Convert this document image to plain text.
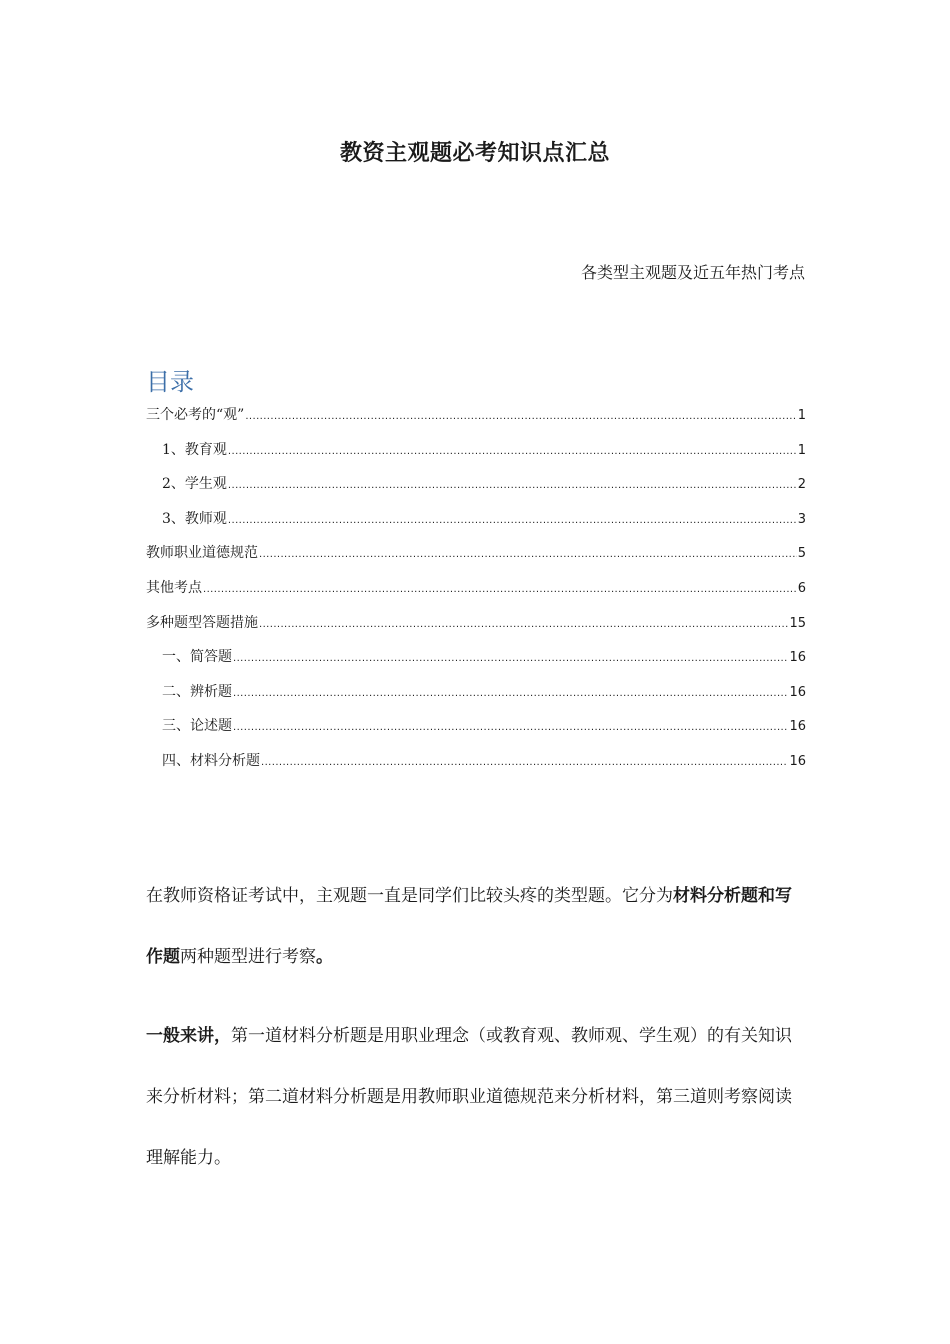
教资主观题必考知识点汇总
各类型主观题及近五年热门考点
目录
三个必考的“观” .....	1
1、教育观 .....	1
2、学生观 .....	2
3、教师观 .....	3
教师职业道德规范 .....	5
其他考点 .....	6
多种题型答题措施 .....	15
一、简答题 .....	16
二、辨析题 .....	16
三、论述题 .....	16
四、材料分析题 .....	16

在教师资格证考试中，主观题一直是同学们比较头疼的类型题。它分为材料分析题和写作题两种题型进行考察。

一般来讲，第一道材料分析题是用职业理念（或教育观、教师观、学生观）的有关知识来分析材料；第二道材料分析题是用教师职业道德规范来分析材料，第三道则考察阅读理解能力。
